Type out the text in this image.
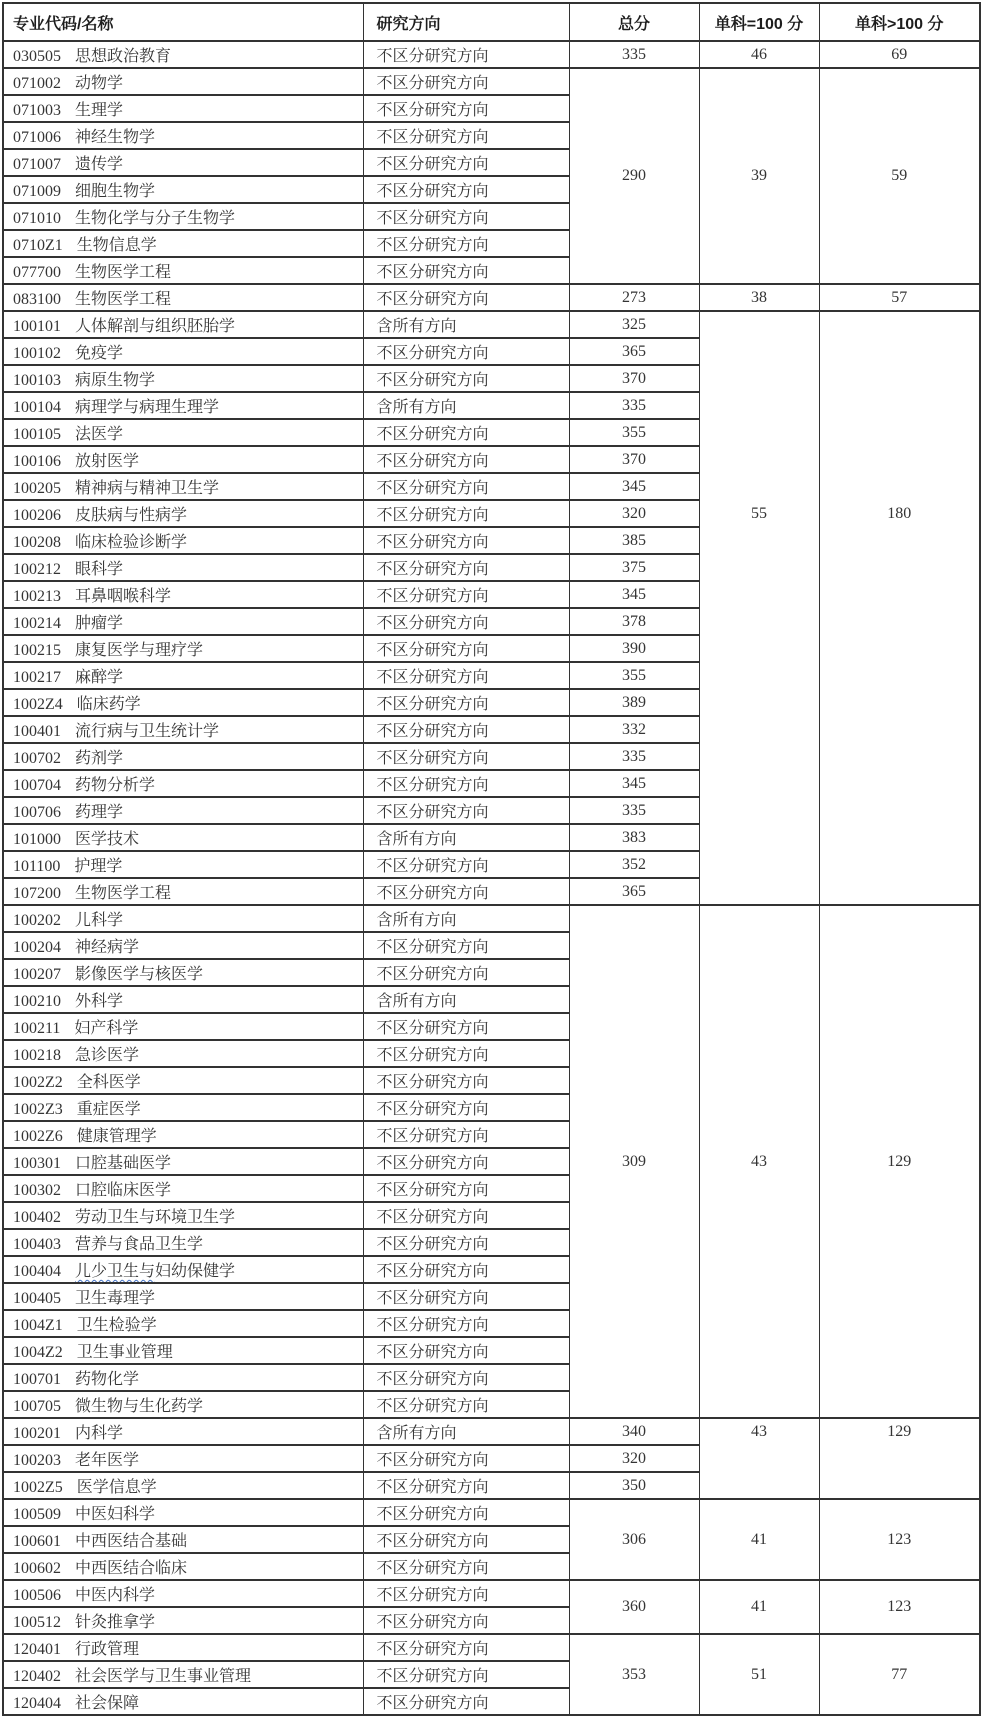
专业代码/名称	研究方向	总分	单科=100 分	单科>100 分
030505 思想政治教育	不区分研究方向	335	46	69
071002 动物学	不区分研究方向	290	39	59
071003 生理学	不区分研究方向			
071006 神经生物学	不区分研究方向			
071007 遗传学	不区分研究方向			
071009 细胞生物学	不区分研究方向			
071010 生物化学与分子生物学	不区分研究方向			
0710Z1 生物信息学	不区分研究方向			
077700 生物医学工程	不区分研究方向			
083100 生物医学工程	不区分研究方向	273	38	57
100101 人体解剖与组织胚胎学	含所有方向	325	55	180
100102 免疫学	不区分研究方向	365		
100103 病原生物学	不区分研究方向	370		
100104 病理学与病理生理学	含所有方向	335		
100105 法医学	不区分研究方向	355		
100106 放射医学	不区分研究方向	370		
100205 精神病与精神卫生学	不区分研究方向	345		
100206 皮肤病与性病学	不区分研究方向	320		
100208 临床检验诊断学	不区分研究方向	385		
100212 眼科学	不区分研究方向	375		
100213 耳鼻咽喉科学	不区分研究方向	345		
100214 肿瘤学	不区分研究方向	378		
100215 康复医学与理疗学	不区分研究方向	390		
100217 麻醉学	不区分研究方向	355		
1002Z4 临床药学	不区分研究方向	389		
100401 流行病与卫生统计学	不区分研究方向	332		
100702 药剂学	不区分研究方向	335		
100704 药物分析学	不区分研究方向	345		
100706 药理学	不区分研究方向	335		
101000 医学技术	含所有方向	383		
101100 护理学	不区分研究方向	352		
107200 生物医学工程	不区分研究方向	365		
100202 儿科学	含所有方向	309	43	129
100204 神经病学	不区分研究方向			
100207 影像医学与核医学	不区分研究方向			
100210 外科学	含所有方向			
100211 妇产科学	不区分研究方向			
100218 急诊医学	不区分研究方向			
1002Z2 全科医学	不区分研究方向			
1002Z3 重症医学	不区分研究方向			
1002Z6 健康管理学	不区分研究方向			
100301 口腔基础医学	不区分研究方向			
100302 口腔临床医学	不区分研究方向			
100402 劳动卫生与环境卫生学	不区分研究方向			
100403 营养与食品卫生学	不区分研究方向			
100404 儿少卫生与妇幼保健学	不区分研究方向			
100405 卫生毒理学	不区分研究方向			
1004Z1 卫生检验学	不区分研究方向			
1004Z2 卫生事业管理	不区分研究方向			
100701 药物化学	不区分研究方向			
100705 微生物与生化药学	不区分研究方向			
100201 内科学	含所有方向	340	43	129
100203 老年医学	不区分研究方向	320		
1002Z5 医学信息学	不区分研究方向	350		
100509 中医妇科学	不区分研究方向	306	41	123
100601 中西医结合基础	不区分研究方向			
100602 中西医结合临床	不区分研究方向			
100506 中医内科学	不区分研究方向	360	41	123
100512 针灸推拿学	不区分研究方向			
120401 行政管理	不区分研究方向	353	51	77
120402 社会医学与卫生事业管理	不区分研究方向			
120404 社会保障	不区分研究方向			
